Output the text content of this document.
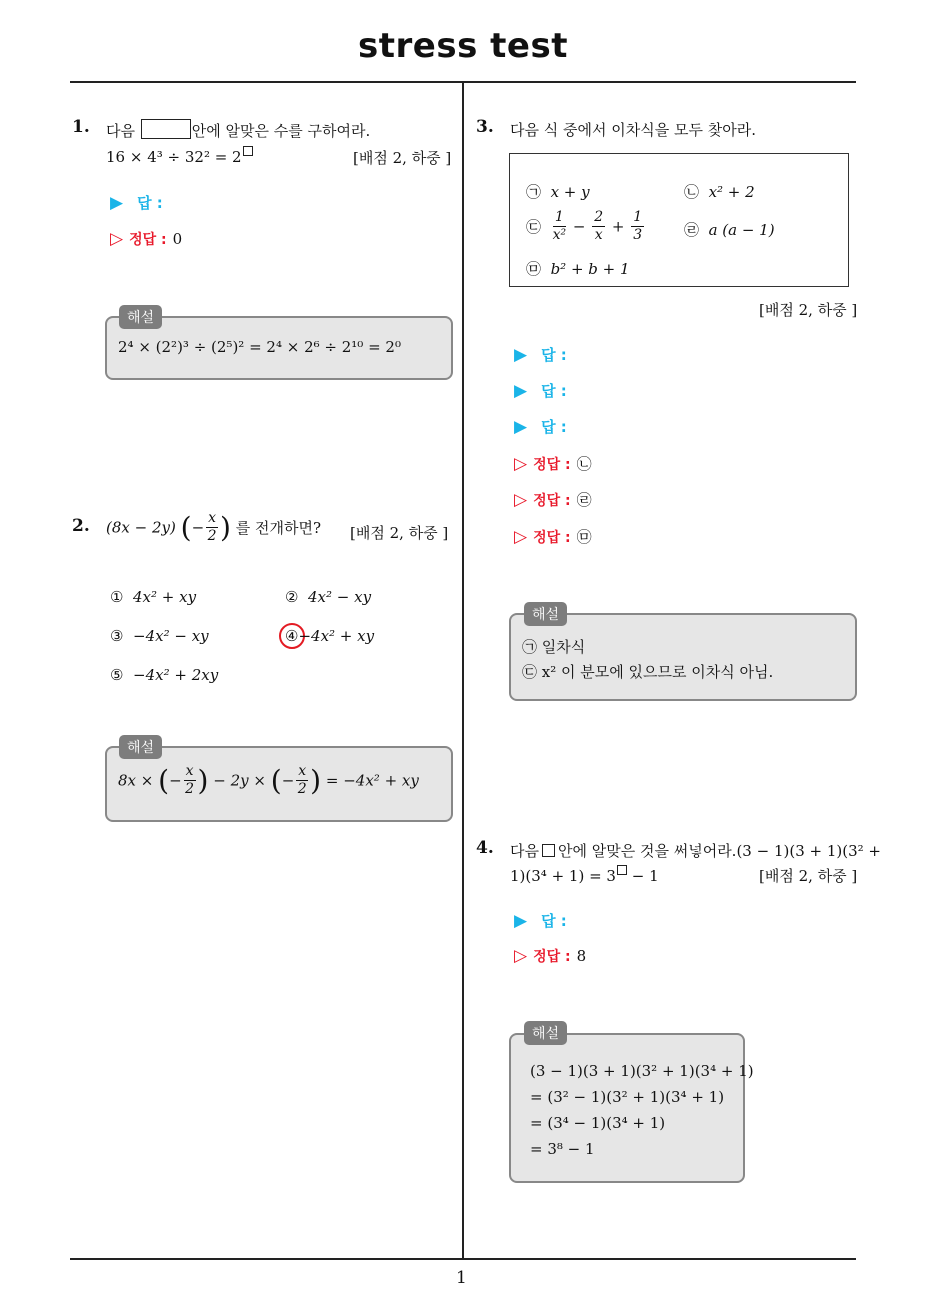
stress test
1
1. 다음	안에 알맞은 수를 구하여라.
16 × 4³ ÷ 32² = 2	[배점 2, 하중 ]
▶ 답 :
▷ 정답 : 0
해설
2⁴ × (2²)³ ÷ (2⁵)² = 2⁴ × 2⁶ ÷ 2¹⁰ = 2⁰
2. (8x − 2y) (− $\frac{x}{2}$ ) 를 전개하면? [배점 2, 하중 ]
① 4x² + xy	② 4x² − xy
③ −4x² − xy	④−4x² + xy
⑤ −4x² + 2xy
해설
8x × (− $\frac{x}{2}$ ) − 2y × (− $\frac{x}{2}$ ) = −4x² + xy
3. 다음 식 중에서 이차식을 모두 찾아라.
㉠ x + y	㉡ x² + 2
㉢ $\frac{1}{\text{x²}} - \frac{2}{x} + \frac{1}{3}$	㉣ a (a − 1)
㉤ b² + b + 1
[배점 2, 하중 ]
▶ 답 :
▶ 답 :
▶ 답 :
▷ 정답 : ㉡
▷ 정답 : ㉣
▷ 정답 : ㉤
해설
㉠ 일차식
㉢ x² 이 분모에 있으므로 이차식 아님.
4. 다음 안에 알맞은 것을 써넣어라.(3 − 1)(3 + 1)(3² +
1)(3⁴ + 1) = 3 − 1	[배점 2, 하중 ]
▶ 답 :
▷ 정답 : 8
해설
(3 − 1)(3 + 1)(3² + 1)(3⁴ + 1)
= (3² − 1)(3² + 1)(3⁴ + 1)
= (3⁴ − 1)(3⁴ + 1)
= 3⁸ − 1
